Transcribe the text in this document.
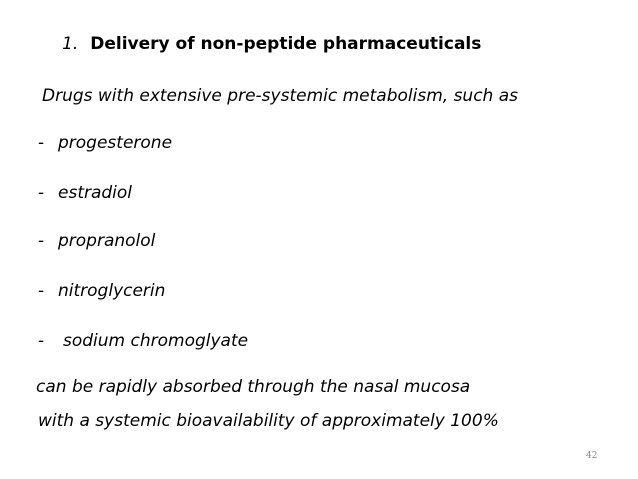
1. Delivery of non-peptide pharmaceuticals
Drugs with extensive pre-systemic metabolism, such as
- progesterone
- estradiol
- propranolol
- nitroglycerin
- sodium chromoglyate
can be rapidly absorbed through the nasal mucosa
with a systemic bioavailability of approximately 100%
42
